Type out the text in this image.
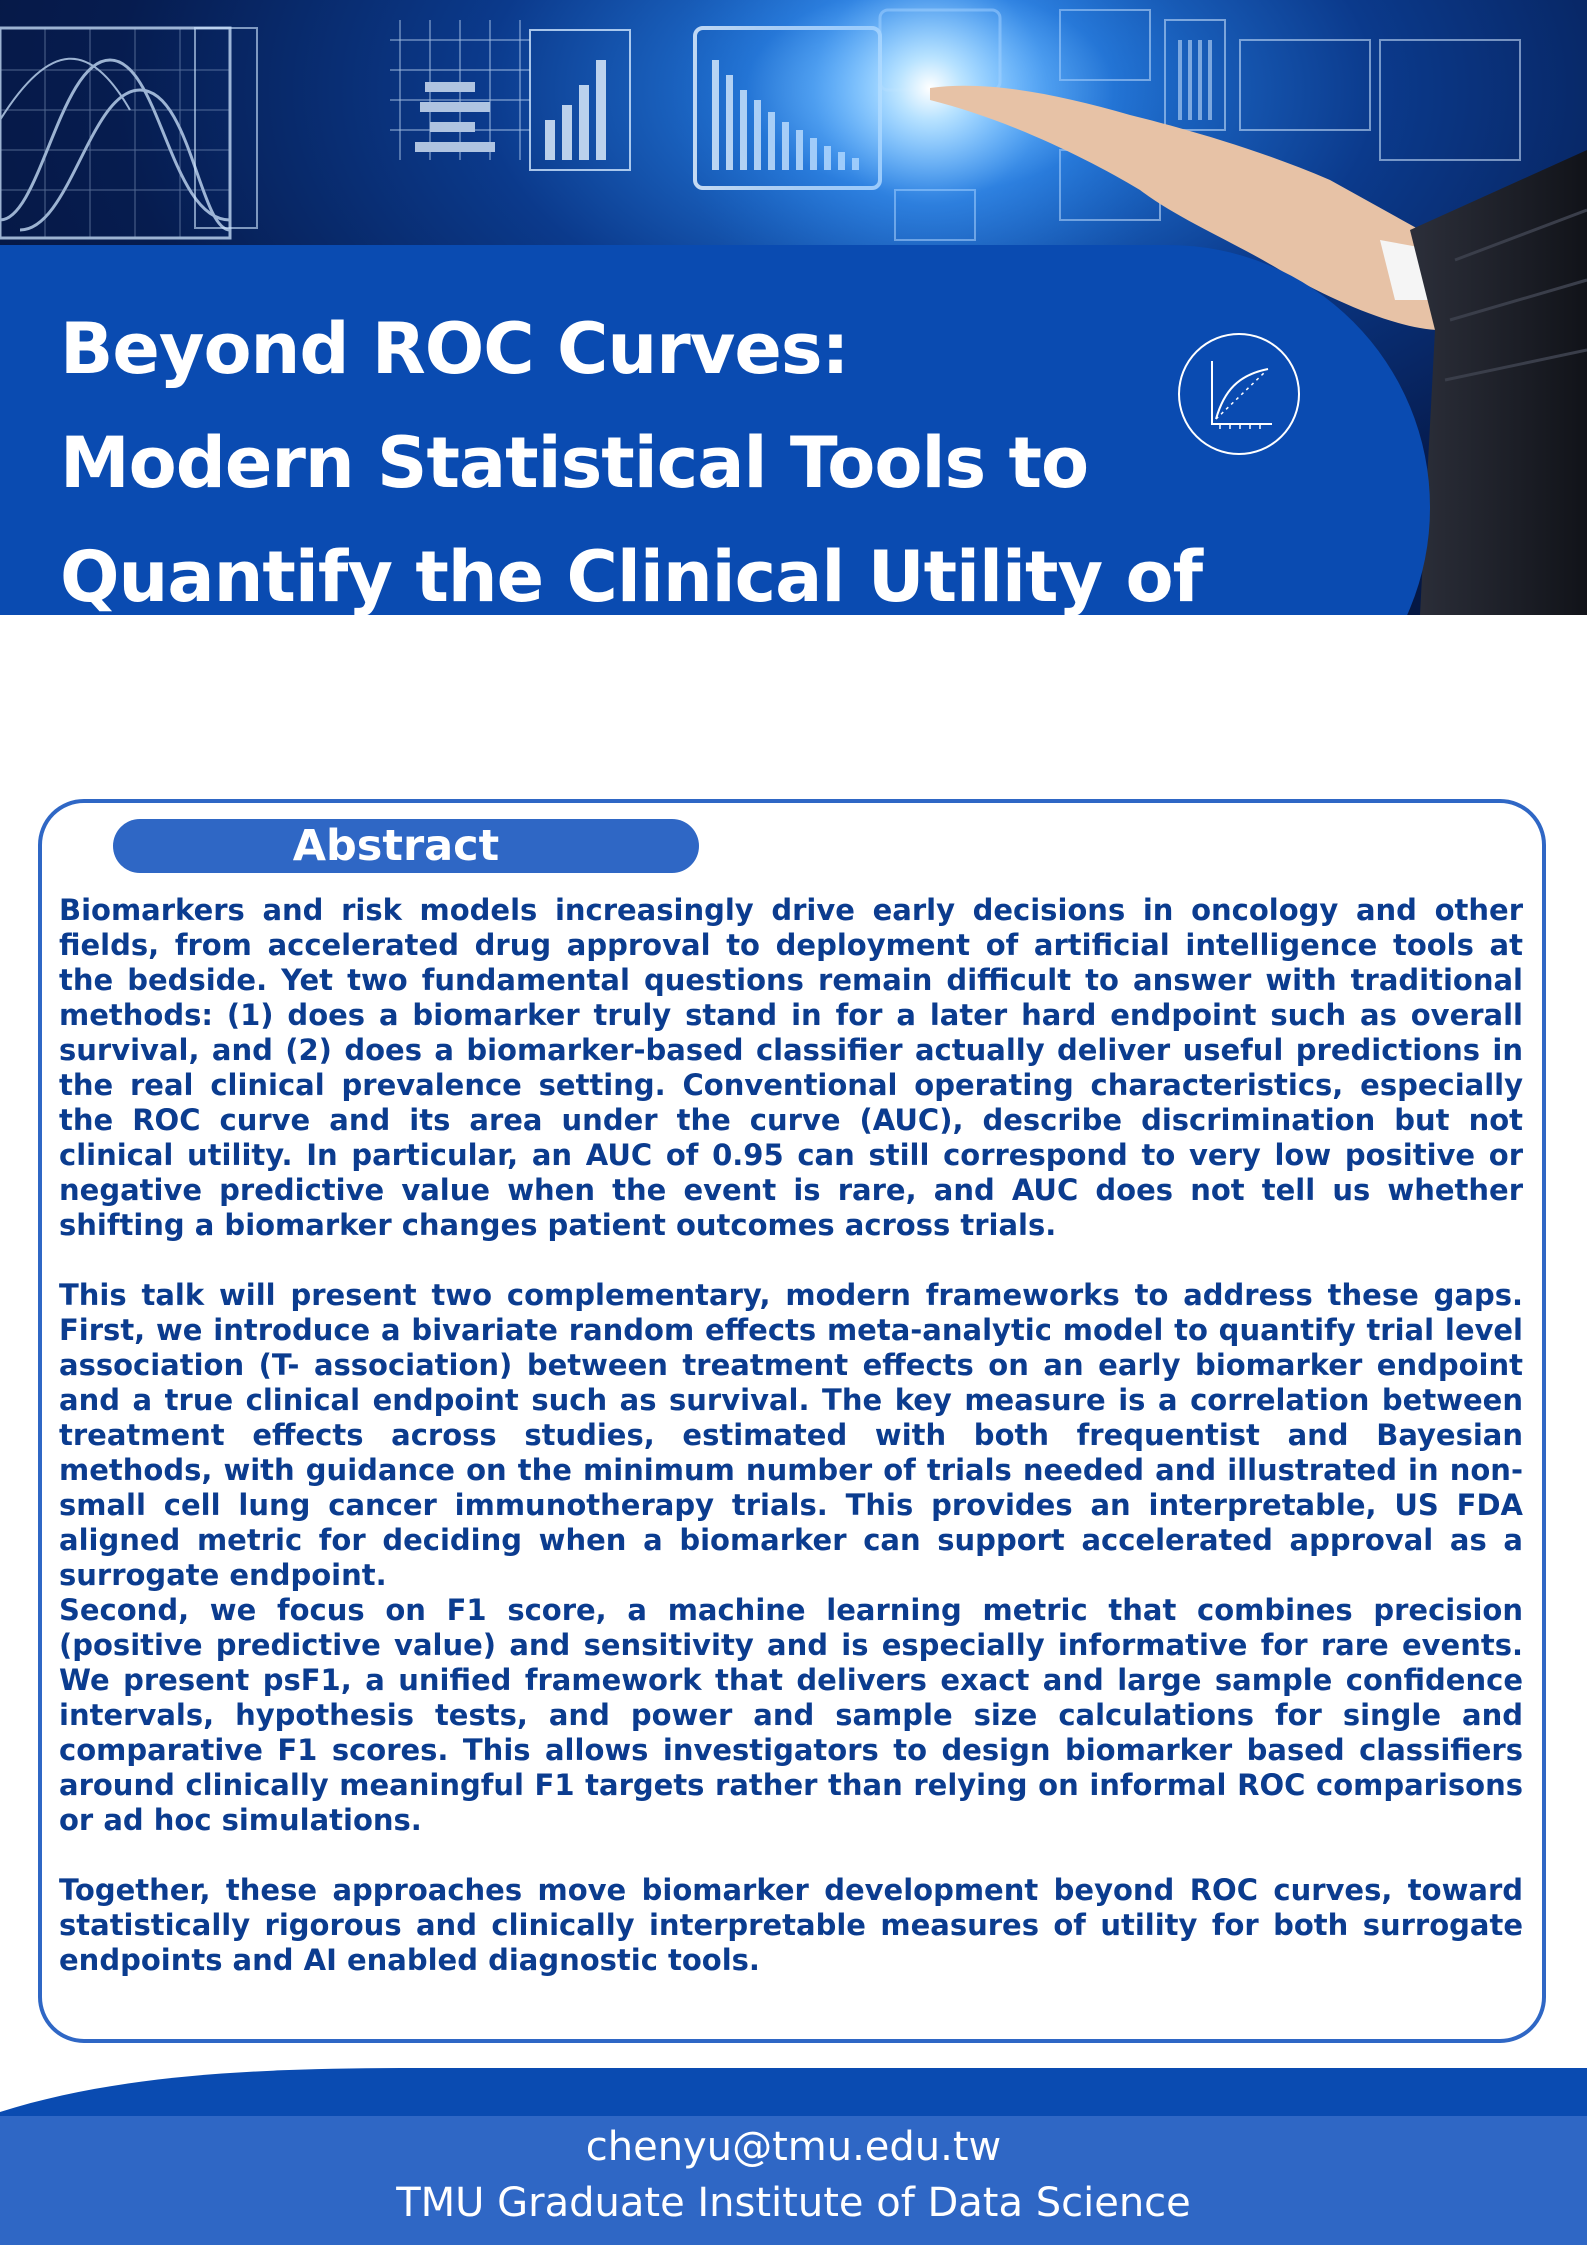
Beyond ROC Curves:
Modern Statistical Tools to
Quantify the Clinical Utility of
Biomarkers and AI Classifiers
Abstract

Biomarkers and risk models increasingly drive early decisions in oncology and other fields, from accelerated drug approval to deployment of artificial intelligence tools at the bedside. Yet two fundamental questions remain difficult to answer with traditional methods: (1) does a biomarker truly stand in for a later hard endpoint such as overall survival, and (2) does a biomarker-based classifier actually deliver useful predictions in the real clinical prevalence setting. Conventional operating characteristics, especially the ROC curve and its area under the curve (AUC), describe discrimination but not clinical utility. In particular, an AUC of 0.95 can still correspond to very low positive or negative predictive value when the event is rare, and AUC does not tell us whether shifting a biomarker changes patient outcomes across trials.

This talk will present two complementary, modern frameworks to address these gaps. First, we introduce a bivariate random effects meta-analytic model to quantify trial level association (T- association) between treatment effects on an early biomarker endpoint and a true clinical endpoint such as survival. The key measure is a correlation between treatment effects across studies, estimated with both frequentist and Bayesian methods, with guidance on the minimum number of trials needed and illustrated in non-small cell lung cancer immunotherapy trials. This provides an interpretable, US FDA aligned metric for deciding when a biomarker can support accelerated approval as a surrogate endpoint.

Second, we focus on F1 score, a machine learning metric that combines precision (positive predictive value) and sensitivity and is especially informative for rare events. We present psF1, a unified framework that delivers exact and large sample confidence intervals, hypothesis tests, and power and sample size calculations for single and comparative F1 scores. This allows investigators to design biomarker based classifiers around clinically meaningful F1 targets rather than relying on informal ROC comparisons or ad hoc simulations.

Together, these approaches move biomarker development beyond ROC curves, toward statistically rigorous and clinically interpretable measures of utility for both surrogate endpoints and AI enabled diagnostic tools.

chenyu@tmu.edu.tw
TMU Graduate Institute of Data Science
